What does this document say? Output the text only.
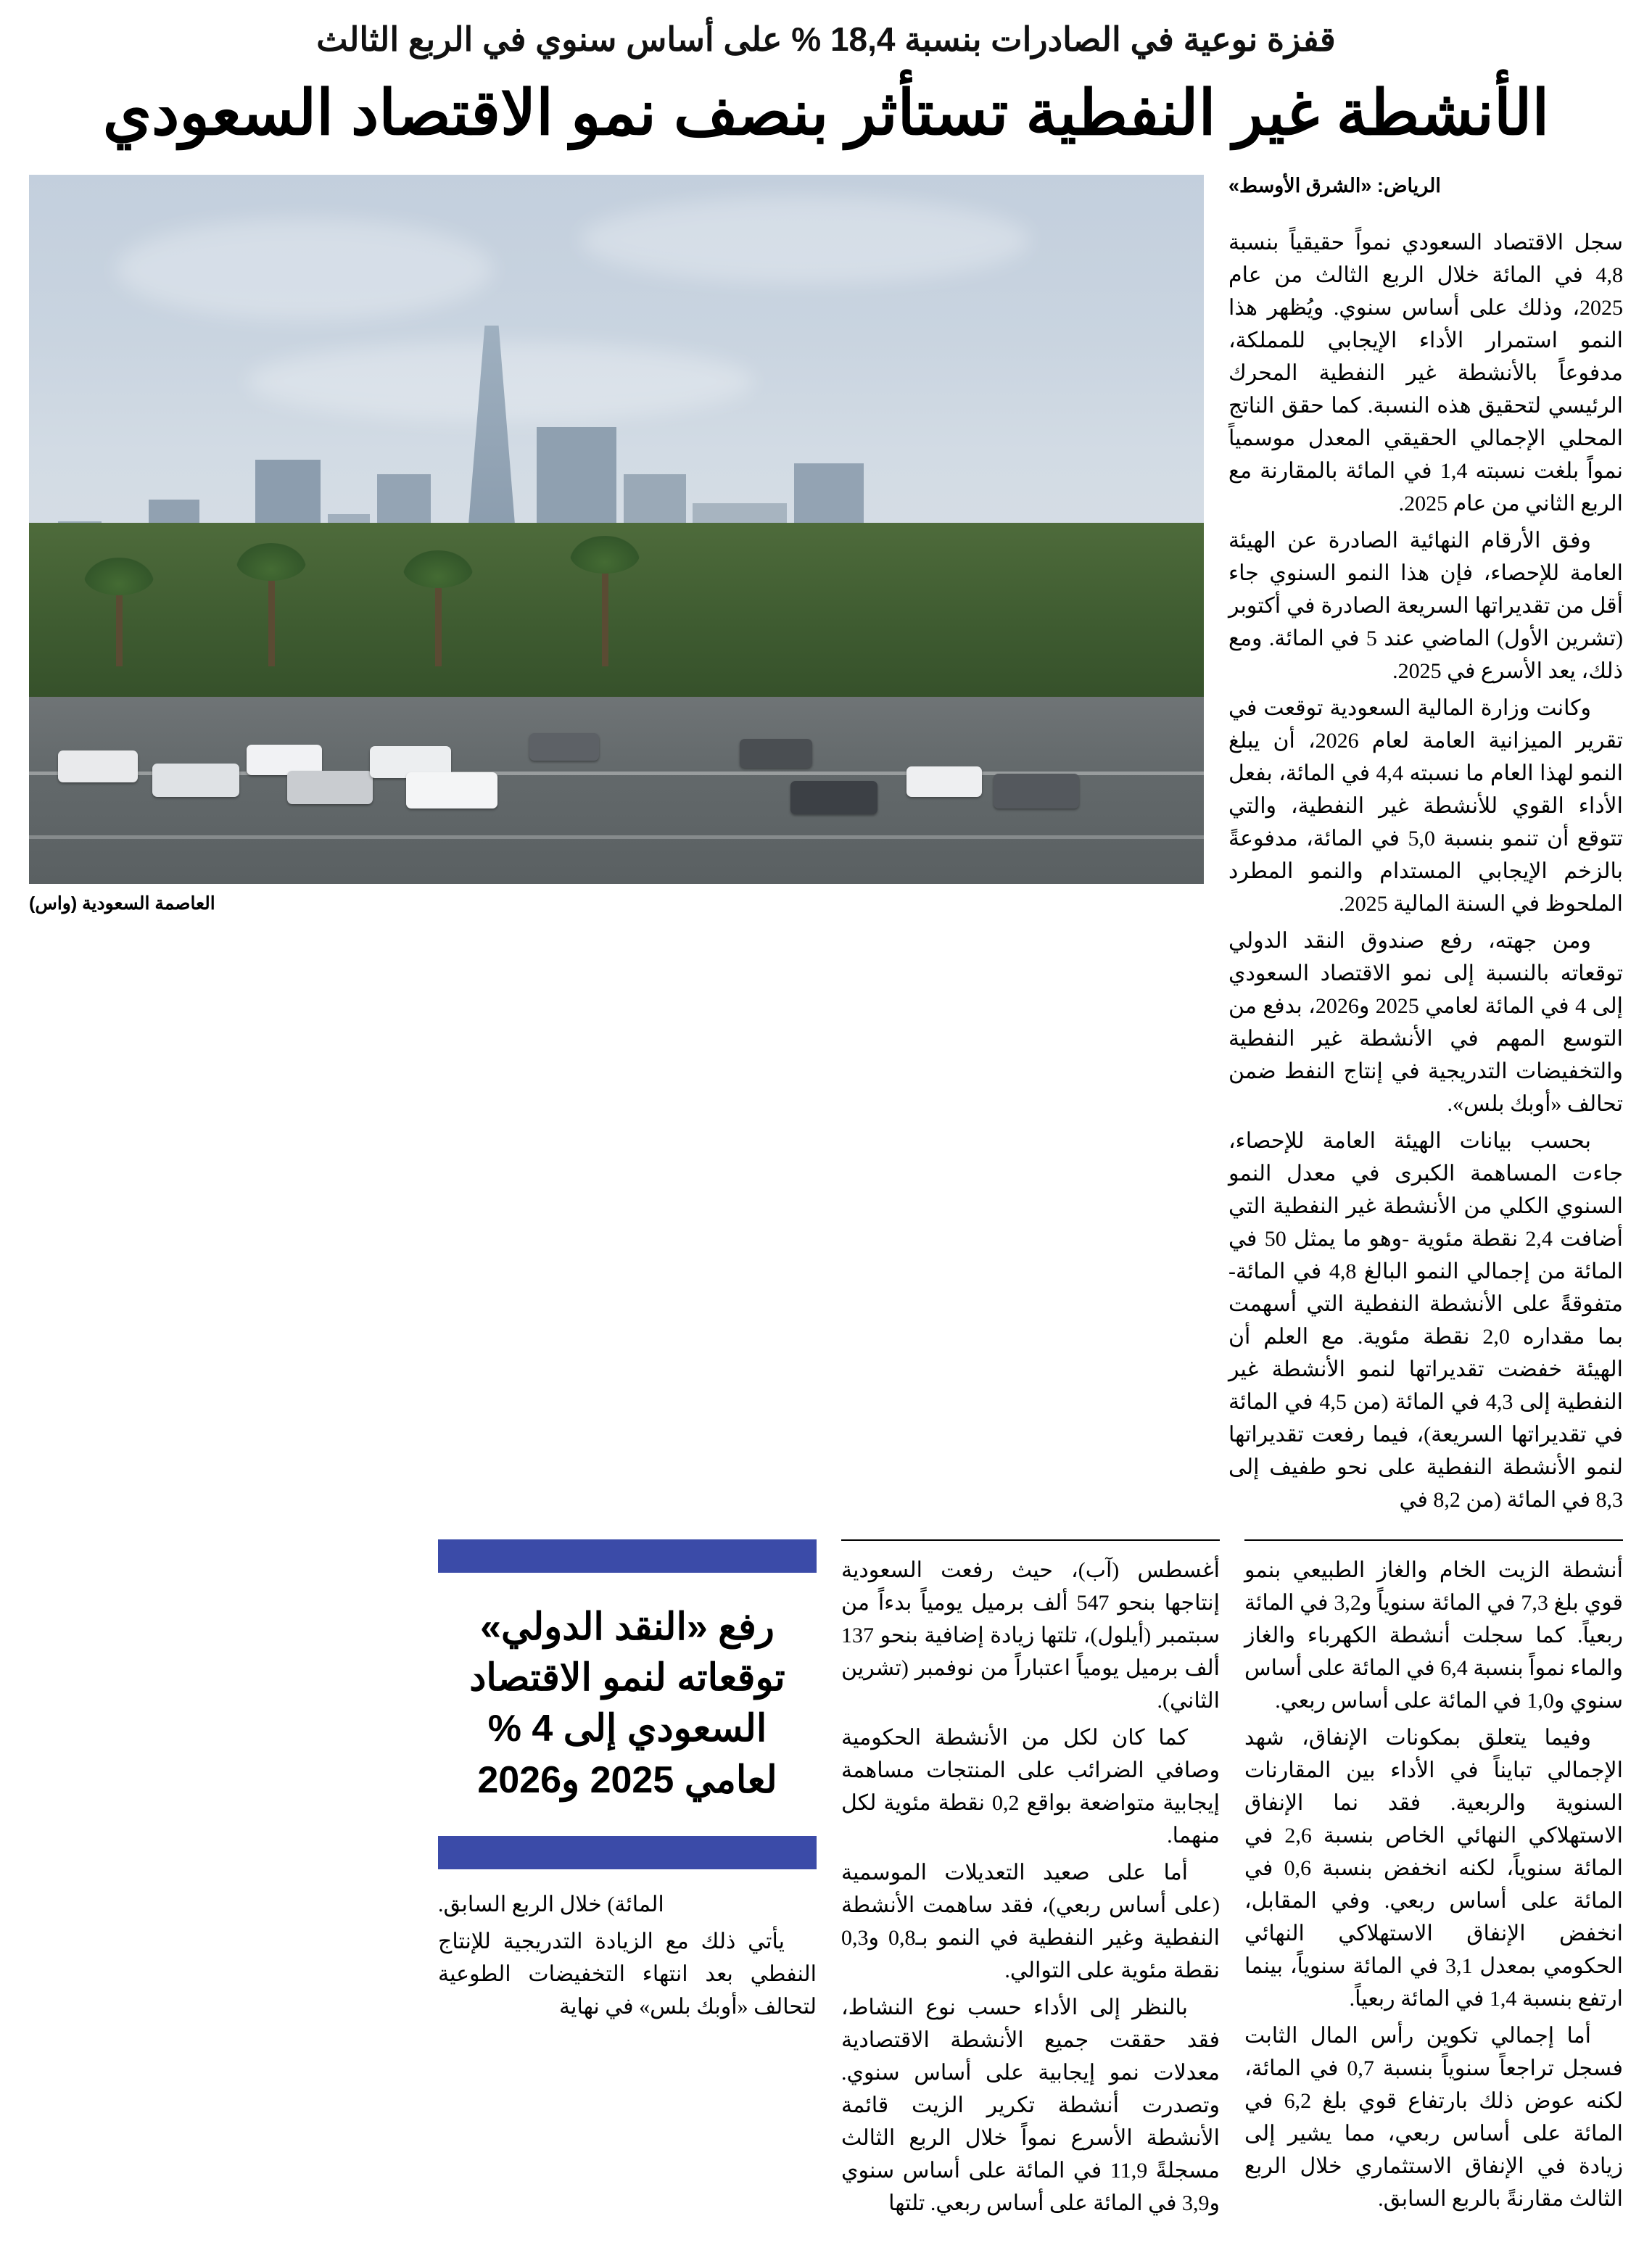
قفزة نوعية في الصادرات بنسبة 18,4 % على أساس سنوي في الربع الثالث
الأنشطة غير النفطية تستأثر بنصف نمو الاقتصاد السعودي
الرياض: «الشرق الأوسط»

سجل الاقتصاد السعودي نمواً حقيقياً بنسبة 4,8 في المائة خلال الربع الثالث من عام 2025، وذلك على أساس سنوي. ويُظهر هذا النمو استمرار الأداء الإيجابي للمملكة، مدفوعاً بالأنشطة غير النفطية المحرك الرئيسي لتحقيق هذه النسبة. كما حقق الناتج المحلي الإجمالي الحقيقي المعدل موسمياً نمواً بلغت نسبته 1,4 في المائة بالمقارنة مع الربع الثاني من عام 2025.

وفق الأرقام النهائية الصادرة عن الهيئة العامة للإحصاء، فإن هذا النمو السنوي جاء أقل من تقديراتها السريعة الصادرة في أكتوبر (تشرين الأول) الماضي عند 5 في المائة. ومع ذلك، يعد الأسرع في 2025.

وكانت وزارة المالية السعودية توقعت في تقرير الميزانية العامة لعام 2026، أن يبلغ النمو لهذا العام ما نسبته 4,4 في المائة، بفعل الأداء القوي للأنشطة غير النفطية، والتي تتوقع أن تنمو بنسبة 5,0 في المائة، مدفوعةً بالزخم الإيجابي المستدام والنمو المطرد الملحوظ في السنة المالية 2025.

ومن جهته، رفع صندوق النقد الدولي توقعاته بالنسبة إلى نمو الاقتصاد السعودي إلى 4 في المائة لعامي 2025 و2026، بدفع من التوسع المهم في الأنشطة غير النفطية والتخفيضات التدريجية في إنتاج النفط ضمن تحالف «أوبك بلس».

بحسب بيانات الهيئة العامة للإحصاء، جاءت المساهمة الكبرى في معدل النمو السنوي الكلي من الأنشطة غير النفطية التي أضافت 2,4 نقطة مئوية -وهو ما يمثل 50 في المائة من إجمالي النمو البالغ 4,8 في المائة- متفوقةً على الأنشطة النفطية التي أسهمت بما مقداره 2,0 نقطة مئوية. مع العلم أن الهيئة خفضت تقديراتها لنمو الأنشطة غير النفطية إلى 4,3 في المائة (من 4,5 في المائة في تقديراتها السريعة)، فيما رفعت تقديراتها لنمو الأنشطة النفطية على نحو طفيف إلى 8,3 في المائة (من 8,2 في

العاصمة السعودية (واس)

أنشطة الزيت الخام والغاز الطبيعي بنمو قوي بلغ 7,3 في المائة سنوياً و3,2 في المائة ربعياً. كما سجلت أنشطة الكهرباء والغاز والماء نمواً بنسبة 6,4 في المائة على أساس سنوي و1,0 في المائة على أساس ربعي.

وفيما يتعلق بمكونات الإنفاق، شهد الإجمالي تبايناً في الأداء بين المقارنات السنوية والربعية. فقد نما الإنفاق الاستهلاكي النهائي الخاص بنسبة 2,6 في المائة سنوياً، لكنه انخفض بنسبة 0,6 في المائة على أساس ربعي. وفي المقابل، انخفض الإنفاق الاستهلاكي النهائي الحكومي بمعدل 3,1 في المائة سنوياً، بينما ارتفع بنسبة 1,4 في المائة ربعياً.

أما إجمالي تكوين رأس المال الثابت فسجل تراجعاً سنوياً بنسبة 0,7 في المائة، لكنه عوض ذلك بارتفاع قوي بلغ 6,2 في المائة على أساس ربعي، مما يشير إلى زيادة في الإنفاق الاستثماري خلال الربع الثالث مقارنةً بالربع السابق.

أغسطس (آب)، حيث رفعت السعودية إنتاجها بنحو 547 ألف برميل يومياً بدءاً من سبتمبر (أيلول)، تلتها زيادة إضافية بنحو 137 ألف برميل يومياً اعتباراً من نوفمبر (تشرين الثاني).

كما كان لكل من الأنشطة الحكومية وصافي الضرائب على المنتجات مساهمة إيجابية متواضعة بواقع 0,2 نقطة مئوية لكل منهما.

أما على صعيد التعديلات الموسمية (على أساس ربعي)، فقد ساهمت الأنشطة النفطية وغير النفطية في النمو بـ0,8 و0,3 نقطة مئوية على التوالي.

بالنظر إلى الأداء حسب نوع النشاط، فقد حققت جميع الأنشطة الاقتصادية معدلات نمو إيجابية على أساس سنوي. وتصدرت أنشطة تكرير الزيت قائمة الأنشطة الأسرع نمواً خلال الربع الثالث مسجلةً 11,9 في المائة على أساس سنوي و3,9 في المائة على أساس ربعي. تلتها

رفع «النقد الدولي» توقعاته لنمو الاقتصاد السعودي إلى 4 % لعامي 2025 و2026

المائة) خلال الربع السابق.

يأتي ذلك مع الزيادة التدريجية للإنتاج النفطي بعد انتهاء التخفيضات الطوعية لتحالف «أوبك بلس» في نهاية
